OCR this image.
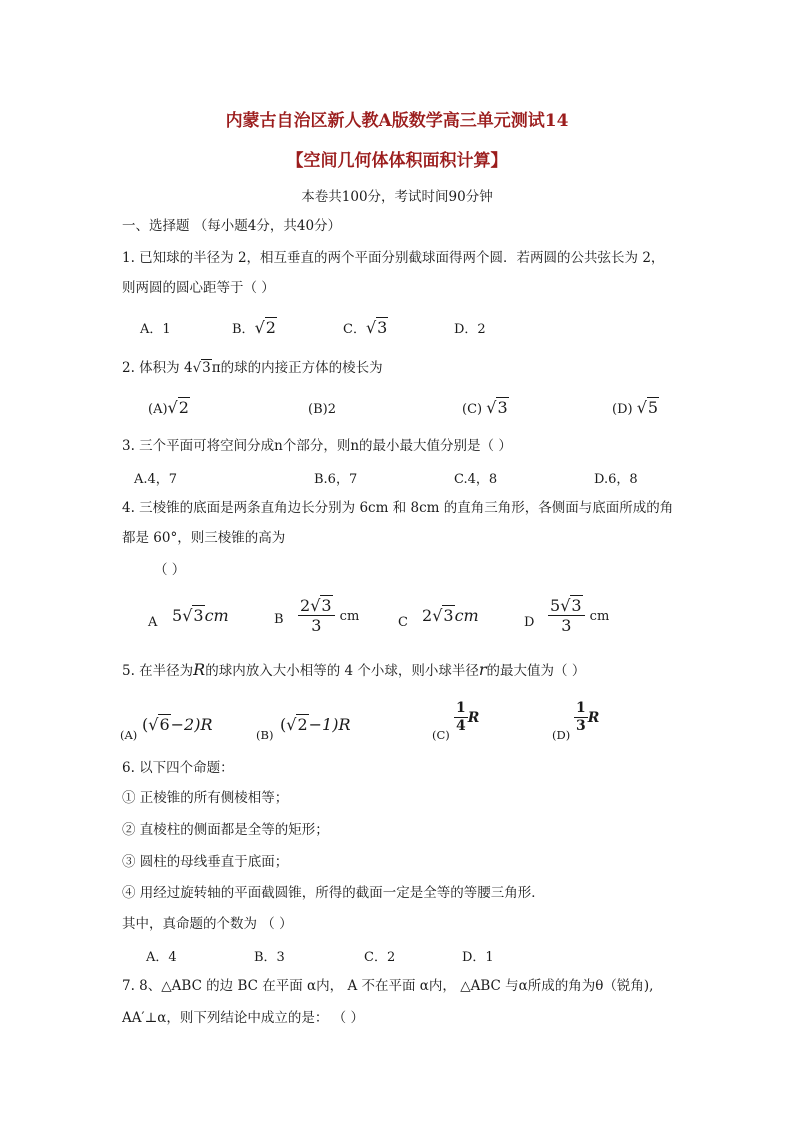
内蒙古自治区新人教A版数学高三单元测试14
【空间几何体体积面积计算】
本卷共100分，考试时间90分钟
一、选择题 （每小题4分，共40分）
1. 已知球的半径为 2，相互垂直的两个平面分别截球面得两个圆．若两圆的公共弦长为 2，
则两圆的圆心距等于（ ）
A．1	B．√2	C．√3	D．2
2. 体积为 4√3π的球的内接正方体的棱长为
(A)√2	(B)2	(C) √3	(D) √5
3. 三个平面可将空间分成n个部分，则n的最小最大值分别是（ ）
A.4，7	B.6，7	C.4，8	D.6，8
4. 三棱锥的底面是两条直角边长分别为 6cm 和 8cm 的直角三角形，各侧面与底面所成的角
都是 60°，则三棱锥的高为
（ ）
A 5√3cm	B $\frac{2√3}{3}$ cm	C 2√3cm	D $\frac{5√3}{3}$ cm
5. 在半径为R的球内放入大小相等的 4 个小球，则小球半径r的最大值为（ ）
(A)
(√6−2)R
(B)
(√2−1)R
(C)
$\frac{1}{4}$ R
(D)
$\frac{1}{3}$ R
6. 以下四个命题：
① 正棱锥的所有侧棱相等；
② 直棱柱的侧面都是全等的矩形；
③ 圆柱的母线垂直于底面；
④ 用经过旋转轴的平面截圆锥，所得的截面一定是全等的等腰三角形．
其中，真命题的个数为 （ ）
A．4	B．3	C．2	D．1
7. 8、△ABC 的边 BC 在平面 α内， A 不在平面 α内， △ABC 与α所成的角为θ（锐角),
AA′⊥α，则下列结论中成立的是： （ ）
